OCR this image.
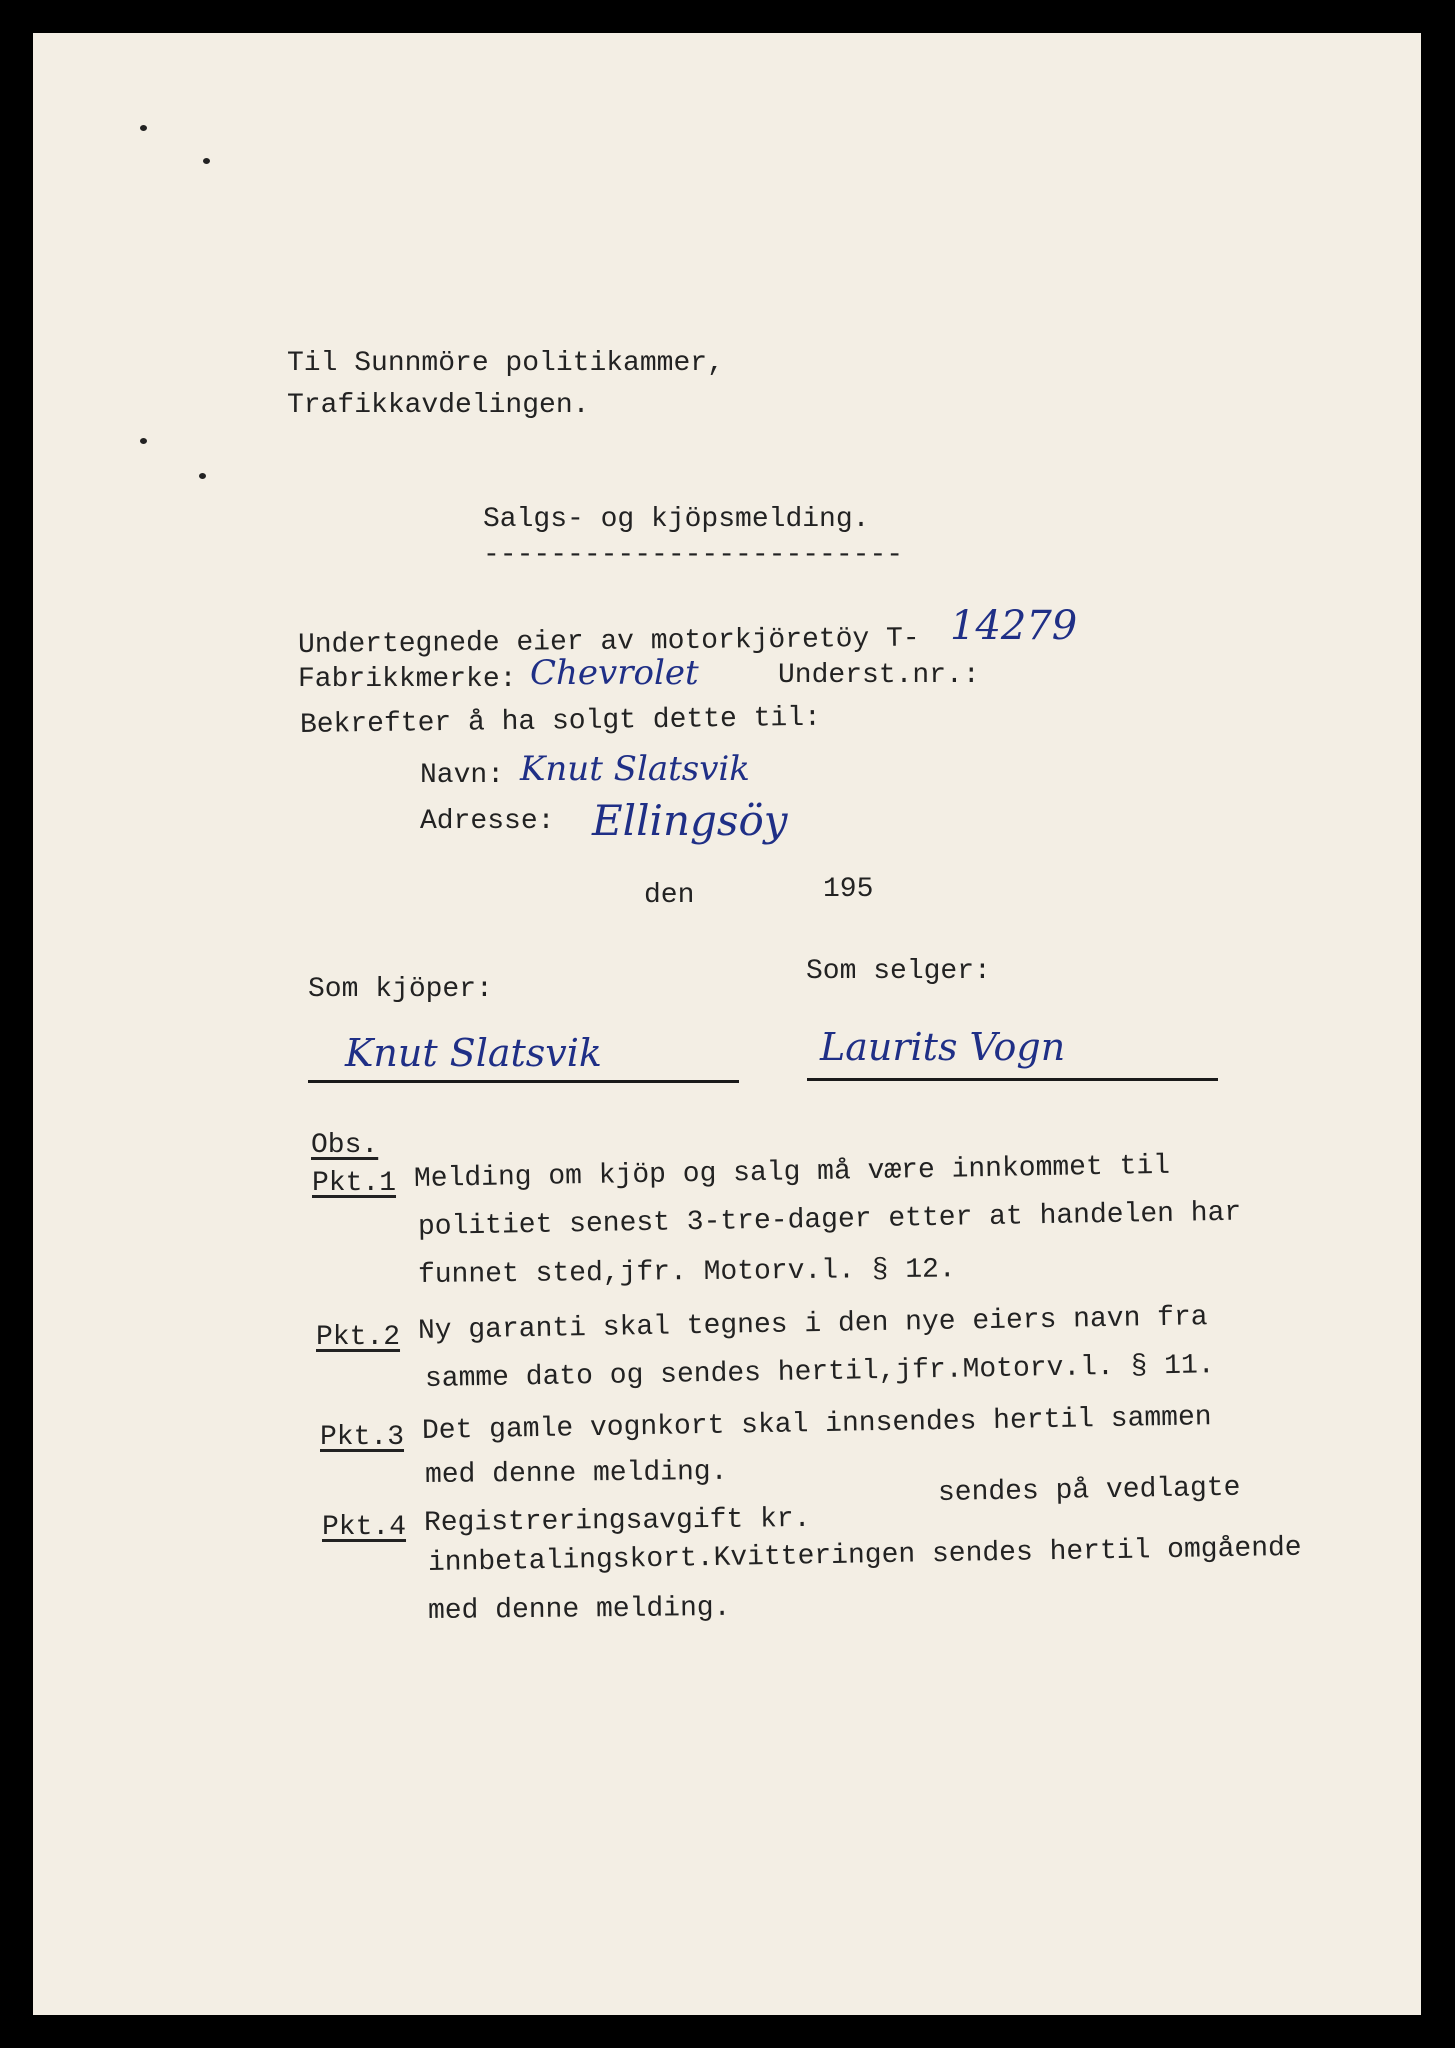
Til Sunnmöre politikammer,
Trafikkavdelingen.
Salgs- og kjöpsmelding.
-------------------------
Undertegnede eier av motorkjöretöy T- 14279
Fabrikkmerke: Chevrolet	Underst.nr.:
Bekrefter å ha solgt dette til:
Navn: Knut Slatsvik
Adresse: Ellingsöy
den	195
Som kjöper:
Som selger:
Knut Slatsvik	Laurits Vogn
Obs.
Pkt.1 Melding om kjöp og salg må være innkommet til
politiet senest 3-tre-dager etter at handelen har
funnet sted,jfr. Motorv.l. § 12.
Pkt.2 Ny garanti skal tegnes i den nye eiers navn fra
samme dato og sendes hertil,jfr.Motorv.l. § 11.
Pkt.3 Det gamle vognkort skal innsendes hertil sammen
med denne melding.
Pkt.4 Registreringsavgift kr.
sendes på vedlagte
innbetalingskort.Kvitteringen sendes hertil omgående
med denne melding.
